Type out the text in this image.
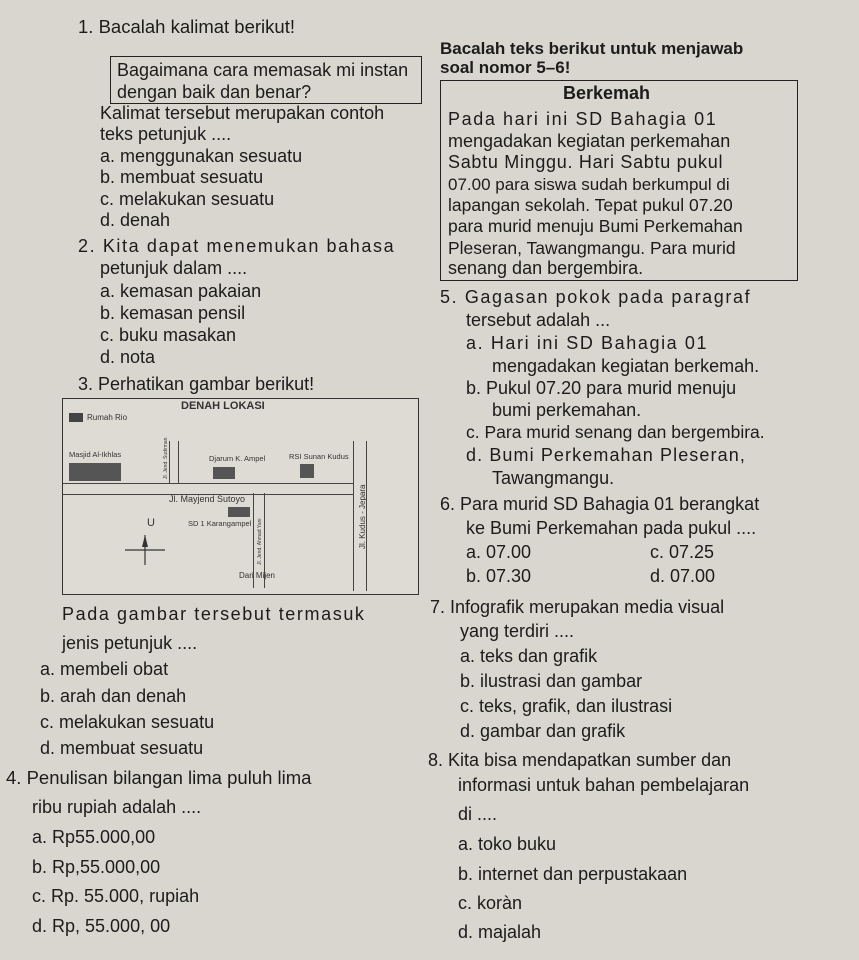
1. Bacalah kalimat berikut!
Bagaimana cara memasak mi instan
dengan baik dan benar?
Kalimat tersebut merupakan contoh
teks petunjuk ....
a. menggunakan sesuatu
b. membuat sesuatu
c. melakukan sesuatu
d. denah
2. Kita dapat menemukan bahasa
petunjuk dalam ....
a. kemasan pakaian
b. kemasan pensil
c. buku masakan
d. nota
3. Perhatikan gambar berikut!
DENAH LOKASI
Rumah Rio
Masjid Al-Ikhlas	Jl. Jend. Sudirman	Djarum K. Ampel	RSI Sunan Kudus
Jl. Mayjend Sutoyo	Jl. Kudus - Jepara
Jl. Jend. Ahmad Yani
SD 1 Karangampel
U
Dari Mijen
Pada gambar tersebut termasuk
jenis petunjuk ....
a. membeli obat
b. arah dan denah
c. melakukan sesuatu
d. membuat sesuatu
4. Penulisan bilangan lima puluh lima
ribu rupiah adalah ....
a. Rp55.000,00
b. Rp,55.000,00
c. Rp. 55.000, rupiah
d. Rp, 55.000, 00
Bacalah teks berikut untuk menjawab
soal nomor 5–6!
Berkemah
Pada hari ini SD Bahagia 01
mengadakan kegiatan perkemahan
Sabtu Minggu. Hari Sabtu pukul
07.00 para siswa sudah berkumpul di
lapangan sekolah. Tepat pukul 07.20
para murid menuju Bumi Perkemahan
Pleseran, Tawangmangu. Para murid
senang dan bergembira.
5. Gagasan pokok pada paragraf
tersebut adalah ...
a. Hari ini SD Bahagia 01
mengadakan kegiatan berkemah.
b. Pukul 07.20 para murid menuju
bumi perkemahan.
c. Para murid senang dan bergembira.
d. Bumi Perkemahan Pleseran,
Tawangmangu.
6. Para murid SD Bahagia 01 berangkat
ke Bumi Perkemahan pada pukul ....
a. 07.00
b. 07.30
c. 07.25
d. 07.00
7. Infografik merupakan media visual
yang terdiri ....
a. teks dan grafik
b. ilustrasi dan gambar
c. teks, grafik, dan ilustrasi
d. gambar dan grafik
8. Kita bisa mendapatkan sumber dan
informasi untuk bahan pembelajaran
di ....
a. toko buku
b. internet dan perpustakaan
c. koràn
d. majalah
